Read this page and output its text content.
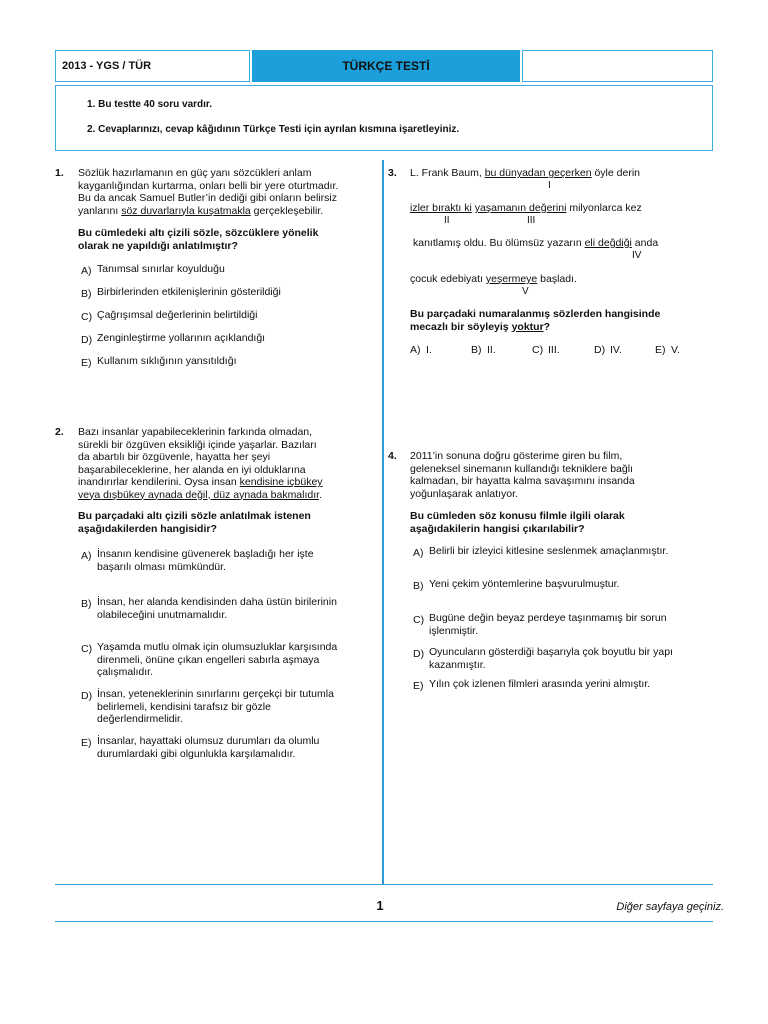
2013 - YGS / TÜR	TÜRKÇE TESTİ
1. Bu testte 40 soru vardır.
2. Cevaplarınızı, cevap kâğıdının Türkçe Testi için ayrılan kısmına işaretleyiniz.
1. Sözlük hazırlamanın en güç yanı sözcükleri anlam
kayganlığından kurtarma, onları belli bir yere oturtmadır.
Bu da ancak Samuel Butler’in dediği gibi onların belirsiz
yanlarını söz duvarlarıyla kuşatmakla gerçekleşebilir.
Bu cümledeki altı çizili sözle, sözcüklere yönelik
olarak ne yapıldığı anlatılmıştır?
A) Tanımsal sınırlar koyulduğu
B) Birbirlerinden etkilenişlerinin gösterildiği
C) Çağrışımsal değerlerinin belirtildiği
D) Zenginleştirme yollarının açıklandığı
E) Kullanım sıklığının yansıtıldığı
2. Bazı insanlar yapabileceklerinin farkında olmadan,
sürekli bir özgüven eksikliği içinde yaşarlar. Bazıları
da abartılı bir özgüvenle, hayatta her şeyi
başarabileceklerine, her alanda en iyi olduklarına
inandırırlar kendilerini. Oysa insan kendisine içbükey
veya dışbükey aynada değil, düz aynada bakmalıdır.
Bu parçadaki altı çizili sözle anlatılmak istenen
aşağıdakilerden hangisidir?
A) İnsanın kendisine güvenerek başladığı her işte
başarılı olması mümkündür.
B) İnsan, her alanda kendisinden daha üstün birilerinin
olabileceğini unutmamalıdır.
C) Yaşamda mutlu olmak için olumsuzluklar karşısında
direnmeli, önüne çıkan engelleri sabırla aşmaya
çalışmalıdır.
D) İnsan, yeteneklerinin sınırlarını gerçekçi bir tutumla
belirlemeli, kendisini tarafsız bir gözle
değerlendirmelidir.
E) İnsanlar, hayattaki olumsuz durumları da olumlu
durumlardaki gibi olgunlukla karşılamalıdır.
3. L. Frank Baum, bu dünyadan geçerken öyle derin
I
izler bıraktı ki yaşamanın değerini milyonlarca kez
II	III
kanıtlamış oldu. Bu ölümsüz yazarın eli değdiği anda
IV
çocuk edebiyatı yeşermeye başladı.
V
Bu parçadaki numaralanmış sözlerden hangisinde
mecazlı bir söyleyiş yoktur?
A) I.	B) II.	C) III.	D) IV.	E) V.
4. 2011’in sonuna doğru gösterime giren bu film,
geleneksel sinemanın kullandığı tekniklere bağlı
kalmadan, bir hayatta kalma savaşımını insanda
yoğunlaşarak anlatıyor.
Bu cümleden söz konusu filmle ilgili olarak
aşağıdakilerin hangisi çıkarılabilir?
A) Belirli bir izleyici kitlesine seslenmek amaçlanmıştır.
B) Yeni çekim yöntemlerine başvurulmuştur.
C) Bugüne değin beyaz perdeye taşınmamış bir sorun
işlenmiştir.
D) Oyuncuların gösterdiği başarıyla çok boyutlu bir yapı
kazanmıştır.
E) Yılın çok izlenen filmleri arasında yerini almıştır.
1	Diğer sayfaya geçiniz.
